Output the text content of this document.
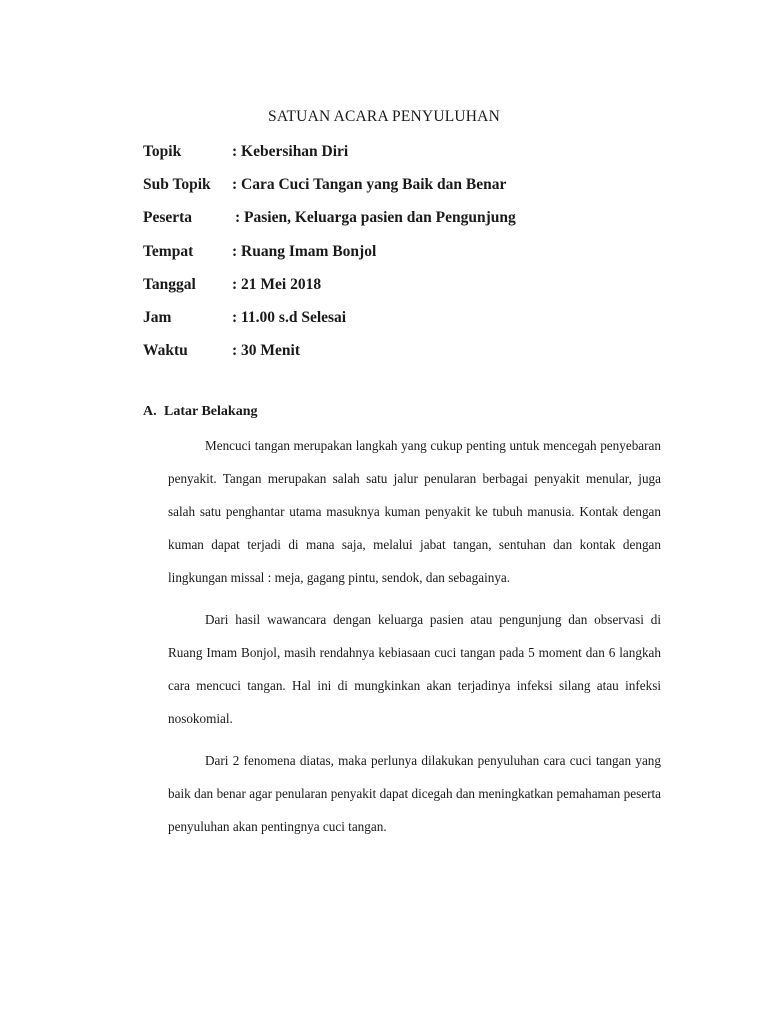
SATUAN ACARA PENYULUHAN
Topik	: Kebersihan Diri
Sub Topik : Cara Cuci Tangan yang Baik dan Benar
Peserta	: Pasien, Keluarga pasien dan Pengunjung
Tempat	: Ruang Imam Bonjol
Tanggal : 21 Mei 2018
Jam	: 11.00 s.d Selesai
Waktu	: 30 Menit
A. Latar Belakang

Mencuci tangan merupakan langkah yang cukup penting untuk mencegah penyebaran penyakit. Tangan merupakan salah satu jalur penularan berbagai penyakit menular, juga salah satu penghantar utama masuknya kuman penyakit ke tubuh manusia. Kontak dengan kuman dapat terjadi di mana saja, melalui jabat tangan, sentuhan dan kontak dengan lingkungan missal : meja, gagang pintu, sendok, dan sebagainya.

Dari hasil wawancara dengan keluarga pasien atau pengunjung dan observasi di Ruang Imam Bonjol, masih rendahnya kebiasaan cuci tangan pada 5 moment dan 6 langkah cara mencuci tangan. Hal ini di mungkinkan akan terjadinya infeksi silang atau infeksi nosokomial.

Dari 2 fenomena diatas, maka perlunya dilakukan penyuluhan cara cuci tangan yang baik dan benar agar penularan penyakit dapat dicegah dan meningkatkan pemahaman peserta penyuluhan akan pentingnya cuci tangan.
